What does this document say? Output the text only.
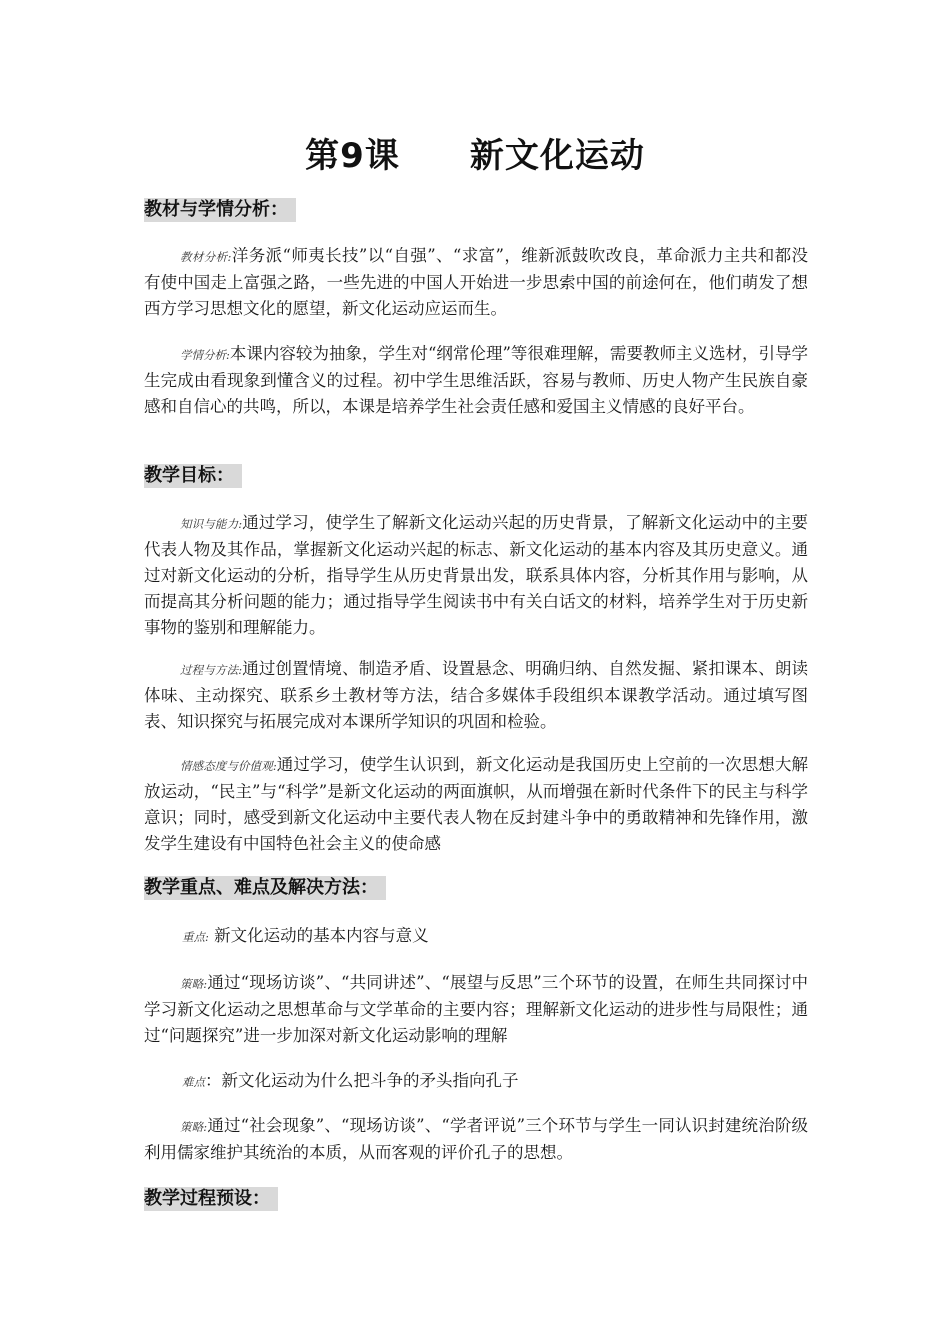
第9课 新文化运动
教材与学情分析：
教材分析:洋务派“师夷长技”以“自强”、“求富”，维新派鼓吹改良，革命派力主共和都没有使中国走上富强之路，一些先进的中国人开始进一步思索中国的前途何在，他们萌发了想西方学习思想文化的愿望，新文化运动应运而生。
学情分析:本课内容较为抽象，学生对“纲常伦理”等很难理解，需要教师主义选材，引导学生完成由看现象到懂含义的过程。初中学生思维活跃，容易与教师、历史人物产生民族自豪感和自信心的共鸣，所以，本课是培养学生社会责任感和爱国主义情感的良好平台。
教学目标：
知识与能力:通过学习，使学生了解新文化运动兴起的历史背景，了解新文化运动中的主要代表人物及其作品，掌握新文化运动兴起的标志、新文化运动的基本内容及其历史意义。通过对新文化运动的分析，指导学生从历史背景出发，联系具体内容，分析其作用与影响，从而提高其分析问题的能力；通过指导学生阅读书中有关白话文的材料，培养学生对于历史新事物的鉴别和理解能力。
过程与方法:通过创置情境、制造矛盾、设置悬念、明确归纳、自然发掘、紧扣课本、朗读体味、主动探究、联系乡土教材等方法，结合多媒体手段组织本课教学活动。通过填写图表、知识探究与拓展完成对本课所学知识的巩固和检验。
情感态度与价值观:通过学习，使学生认识到，新文化运动是我国历史上空前的一次思想大解放运动，“民主”与“科学”是新文化运动的两面旗帜，从而增强在新时代条件下的民主与科学意识；同时，感受到新文化运动中主要代表人物在反封建斗争中的勇敢精神和先锋作用，激发学生建设有中国特色社会主义的使命感
教学重点、难点及解决方法：
重点: 新文化运动的基本内容与意义
策略:通过“现场访谈”、“共同讲述”、“展望与反思”三个环节的设置，在师生共同探讨中学习新文化运动之思想革命与文学革命的主要内容；理解新文化运动的进步性与局限性；通过“问题探究”进一步加深对新文化运动影响的理解
难点：新文化运动为什么把斗争的矛头指向孔子
策略:通过“社会现象”、“现场访谈”、“学者评说”三个环节与学生一同认识封建统治阶级利用儒家维护其统治的本质，从而客观的评价孔子的思想。
教学过程预设：
